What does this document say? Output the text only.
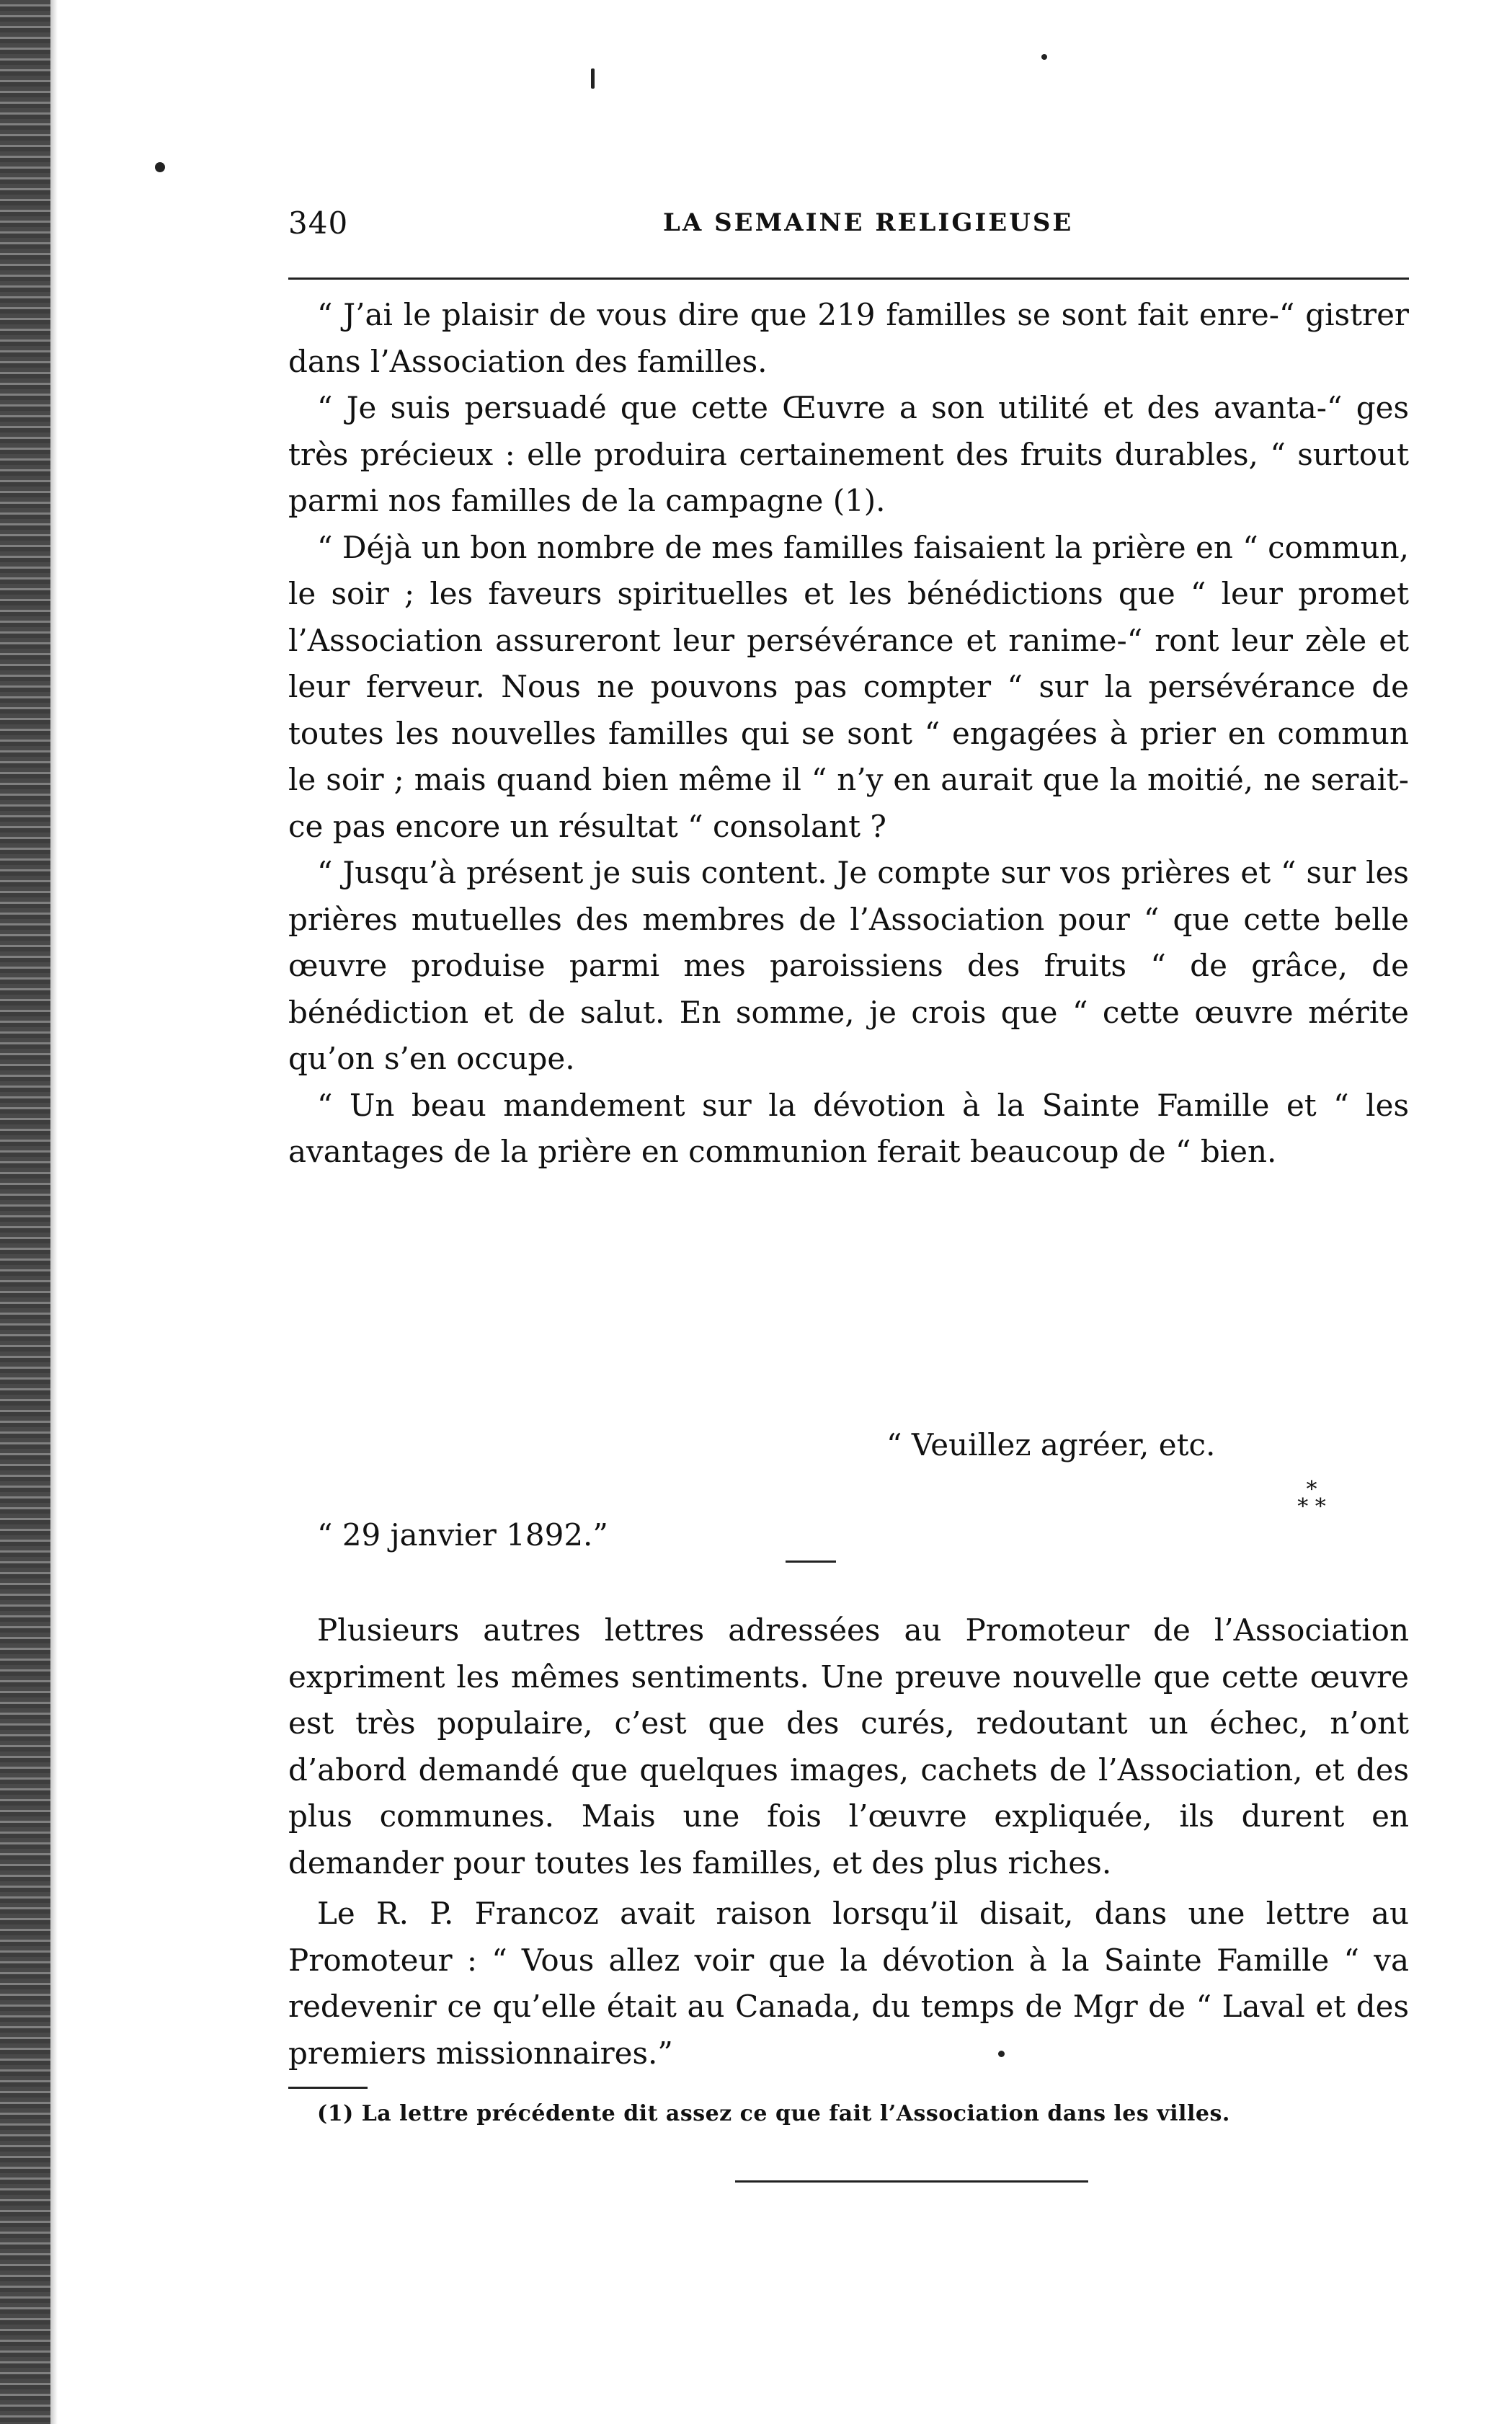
340	LA SEMAINE RELIGIEUSE

“ J’ai le plaisir de vous dire que 219 familles se sont fait enre-“ gistrer dans l’Association des familles.

“ Je suis persuadé que cette Œuvre a son utilité et des avanta-“ ges très précieux : elle produira certainement des fruits durables, “ surtout parmi nos familles de la campagne (1).

“ Déjà un bon nombre de mes familles faisaient la prière en “ commun, le soir ; les faveurs spirituelles et les bénédictions que “ leur promet l’Association assureront leur persévérance et ranime-“ ront leur zèle et leur ferveur. Nous ne pouvons pas compter “ sur la persévérance de toutes les nouvelles familles qui se sont “ engagées à prier en commun le soir ; mais quand bien même il “ n’y en aurait que la moitié, ne serait-ce pas encore un résultat “ consolant ?

“ Jusqu’à présent je suis content. Je compte sur vos prières et “ sur les prières mutuelles des membres de l’Association pour “ que cette belle œuvre produise parmi mes paroissiens des fruits “ de grâce, de bénédiction et de salut. En somme, je crois que “ cette œuvre mérite qu’on s’en occupe.

“ Un beau mandement sur la dévotion à la Sainte Famille et “ les avantages de la prière en communion ferait beaucoup de “ bien.

“ Veuillez agréer, etc.
*
* *
“ 29 janvier 1892.”

Plusieurs autres lettres adressées au Promoteur de l’Association expriment les mêmes sentiments. Une preuve nouvelle que cette œuvre est très populaire, c’est que des curés, redoutant un échec, n’ont d’abord demandé que quelques images, cachets de l’Association, et des plus communes. Mais une fois l’œuvre expliquée, ils durent en demander pour toutes les familles, et des plus riches.

Le R. P. Francoz avait raison lorsqu’il disait, dans une lettre au Promoteur : “ Vous allez voir que la dévotion à la Sainte Famille “ va redevenir ce qu’elle était au Canada, du temps de Mgr de “ Laval et des premiers missionnaires.”

(1) La lettre précédente dit assez ce que fait l’Association dans les villes.
